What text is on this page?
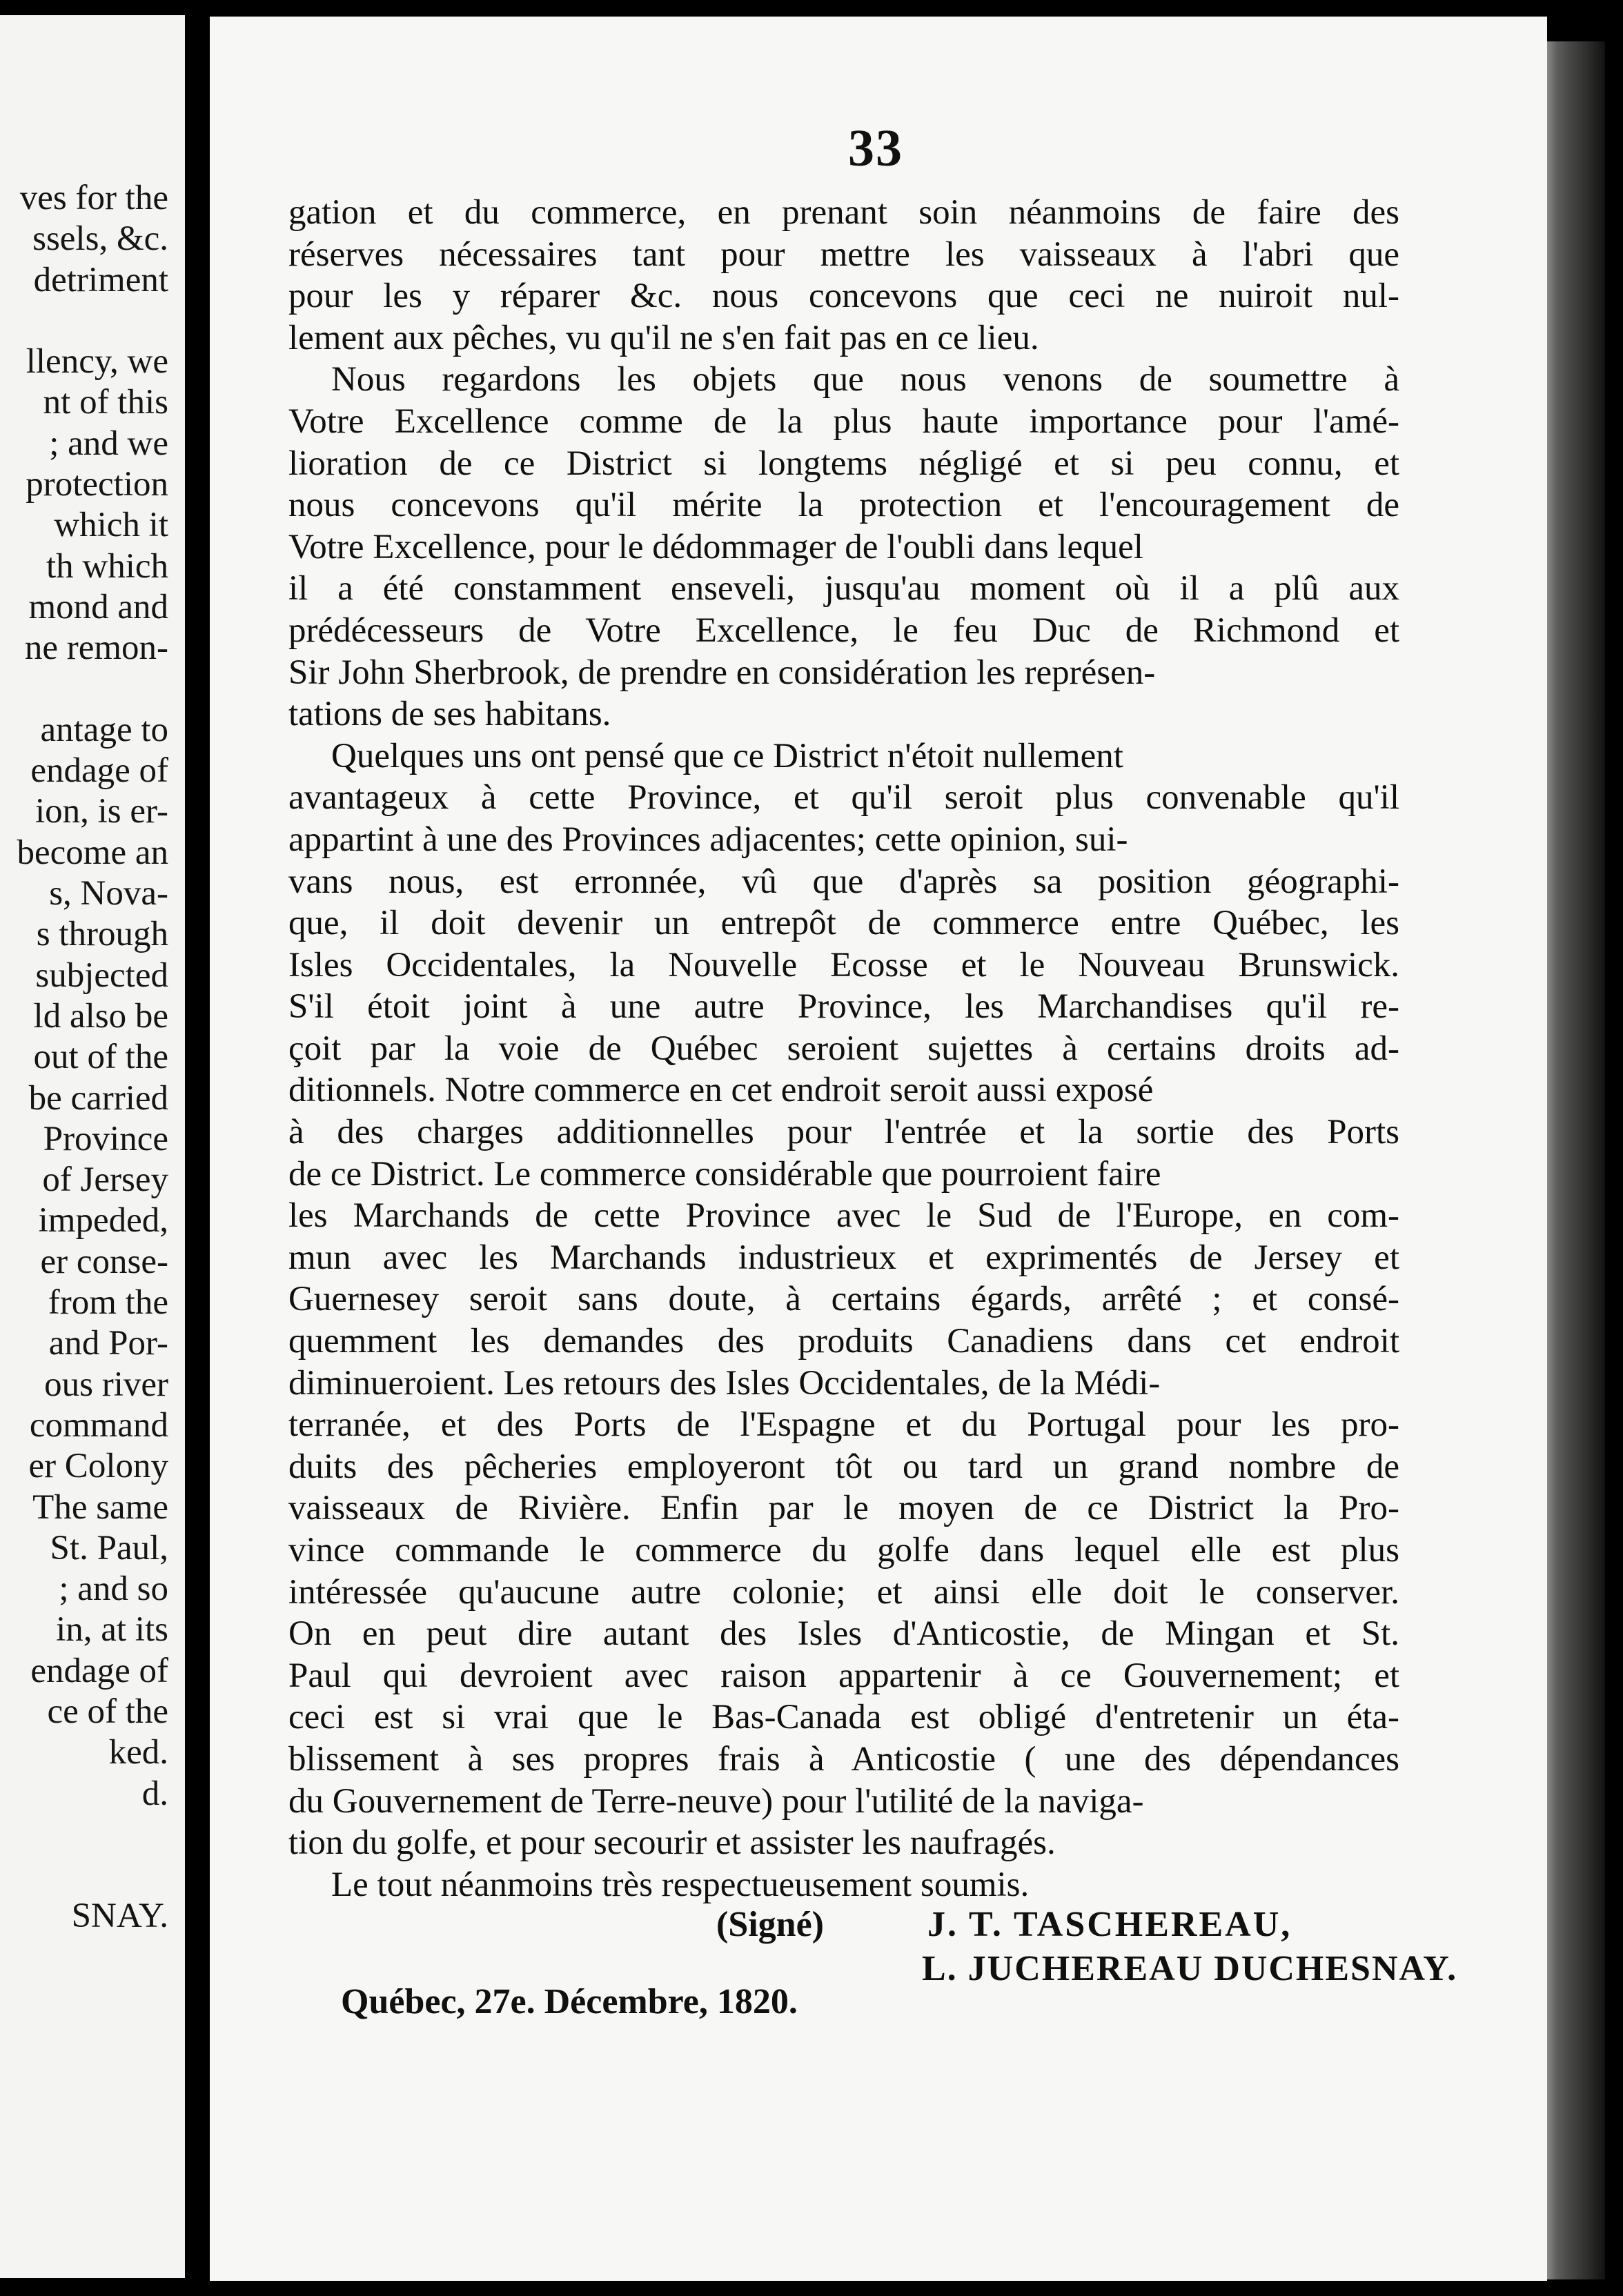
ves for the
ssels, &c.
detriment
llency, we
nt of this
; and we
protection
which it
th which
mond and
ne remon-
antage to
endage of
ion, is er-
become an
s, Nova-
s through
subjected
ld also be
out of the
be carried
Province
of Jersey
impeded,
er conse-
from the
and Por-
ous river
command
er Colony
The same
St. Paul,
; and so
in, at its
endage of
ce of the
ked.
d.
SNAY.
33
gation et du commerce, en prenant soin néanmoins de faire des
réserves nécessaires tant pour mettre les vaisseaux à l'abri que
pour les y réparer &c. nous concevons que ceci ne nuiroit nul-
lement aux pêches, vu qu'il ne s'en fait pas en ce lieu.
Nous regardons les objets que nous venons de soumettre à
Votre Excellence comme de la plus haute importance pour l'amé-
lioration de ce District si longtems négligé et si peu connu, et
nous concevons qu'il mérite la protection et l'encouragement de
Votre Excellence, pour le dédommager de l'oubli dans lequel
il a été constamment enseveli, jusqu'au moment où il a plû aux
prédécesseurs de Votre Excellence, le feu Duc de Richmond et
Sir John Sherbrook, de prendre en considération les représen-
tations de ses habitans.
Quelques uns ont pensé que ce District n'étoit nullement
avantageux à cette Province, et qu'il seroit plus convenable qu'il
appartint à une des Provinces adjacentes; cette opinion, sui-
vans nous, est erronnée, vû que d'après sa position géographi-
que, il doit devenir un entrepôt de commerce entre Québec, les
Isles Occidentales, la Nouvelle Ecosse et le Nouveau Brunswick.
S'il étoit joint à une autre Province, les Marchandises qu'il re-
çoit par la voie de Québec seroient sujettes à certains droits ad-
ditionnels. Notre commerce en cet endroit seroit aussi exposé
à des charges additionnelles pour l'entrée et la sortie des Ports
de ce District. Le commerce considérable que pourroient faire
les Marchands de cette Province avec le Sud de l'Europe, en com-
mun avec les Marchands industrieux et exprimentés de Jersey et
Guernesey seroit sans doute, à certains égards, arrêté ; et consé-
quemment les demandes des produits Canadiens dans cet endroit
diminueroient. Les retours des Isles Occidentales, de la Médi-
terranée, et des Ports de l'Espagne et du Portugal pour les pro-
duits des pêcheries employeront tôt ou tard un grand nombre de
vaisseaux de Rivière. Enfin par le moyen de ce District la Pro-
vince commande le commerce du golfe dans lequel elle est plus
intéressée qu'aucune autre colonie; et ainsi elle doit le conserver.
On en peut dire autant des Isles d'Anticostie, de Mingan et St.
Paul qui devroient avec raison appartenir à ce Gouvernement; et
ceci est si vrai que le Bas-Canada est obligé d'entretenir un éta-
blissement à ses propres frais à Anticostie ( une des dépendances
du Gouvernement de Terre-neuve) pour l'utilité de la naviga-
tion du golfe, et pour secourir et assister les naufragés.
Le tout néanmoins très respectueusement soumis.
(Signé)	J. T. TASCHEREAU,
L. JUCHEREAU DUCHESNAY.
Québec, 27e. Décembre, 1820.
